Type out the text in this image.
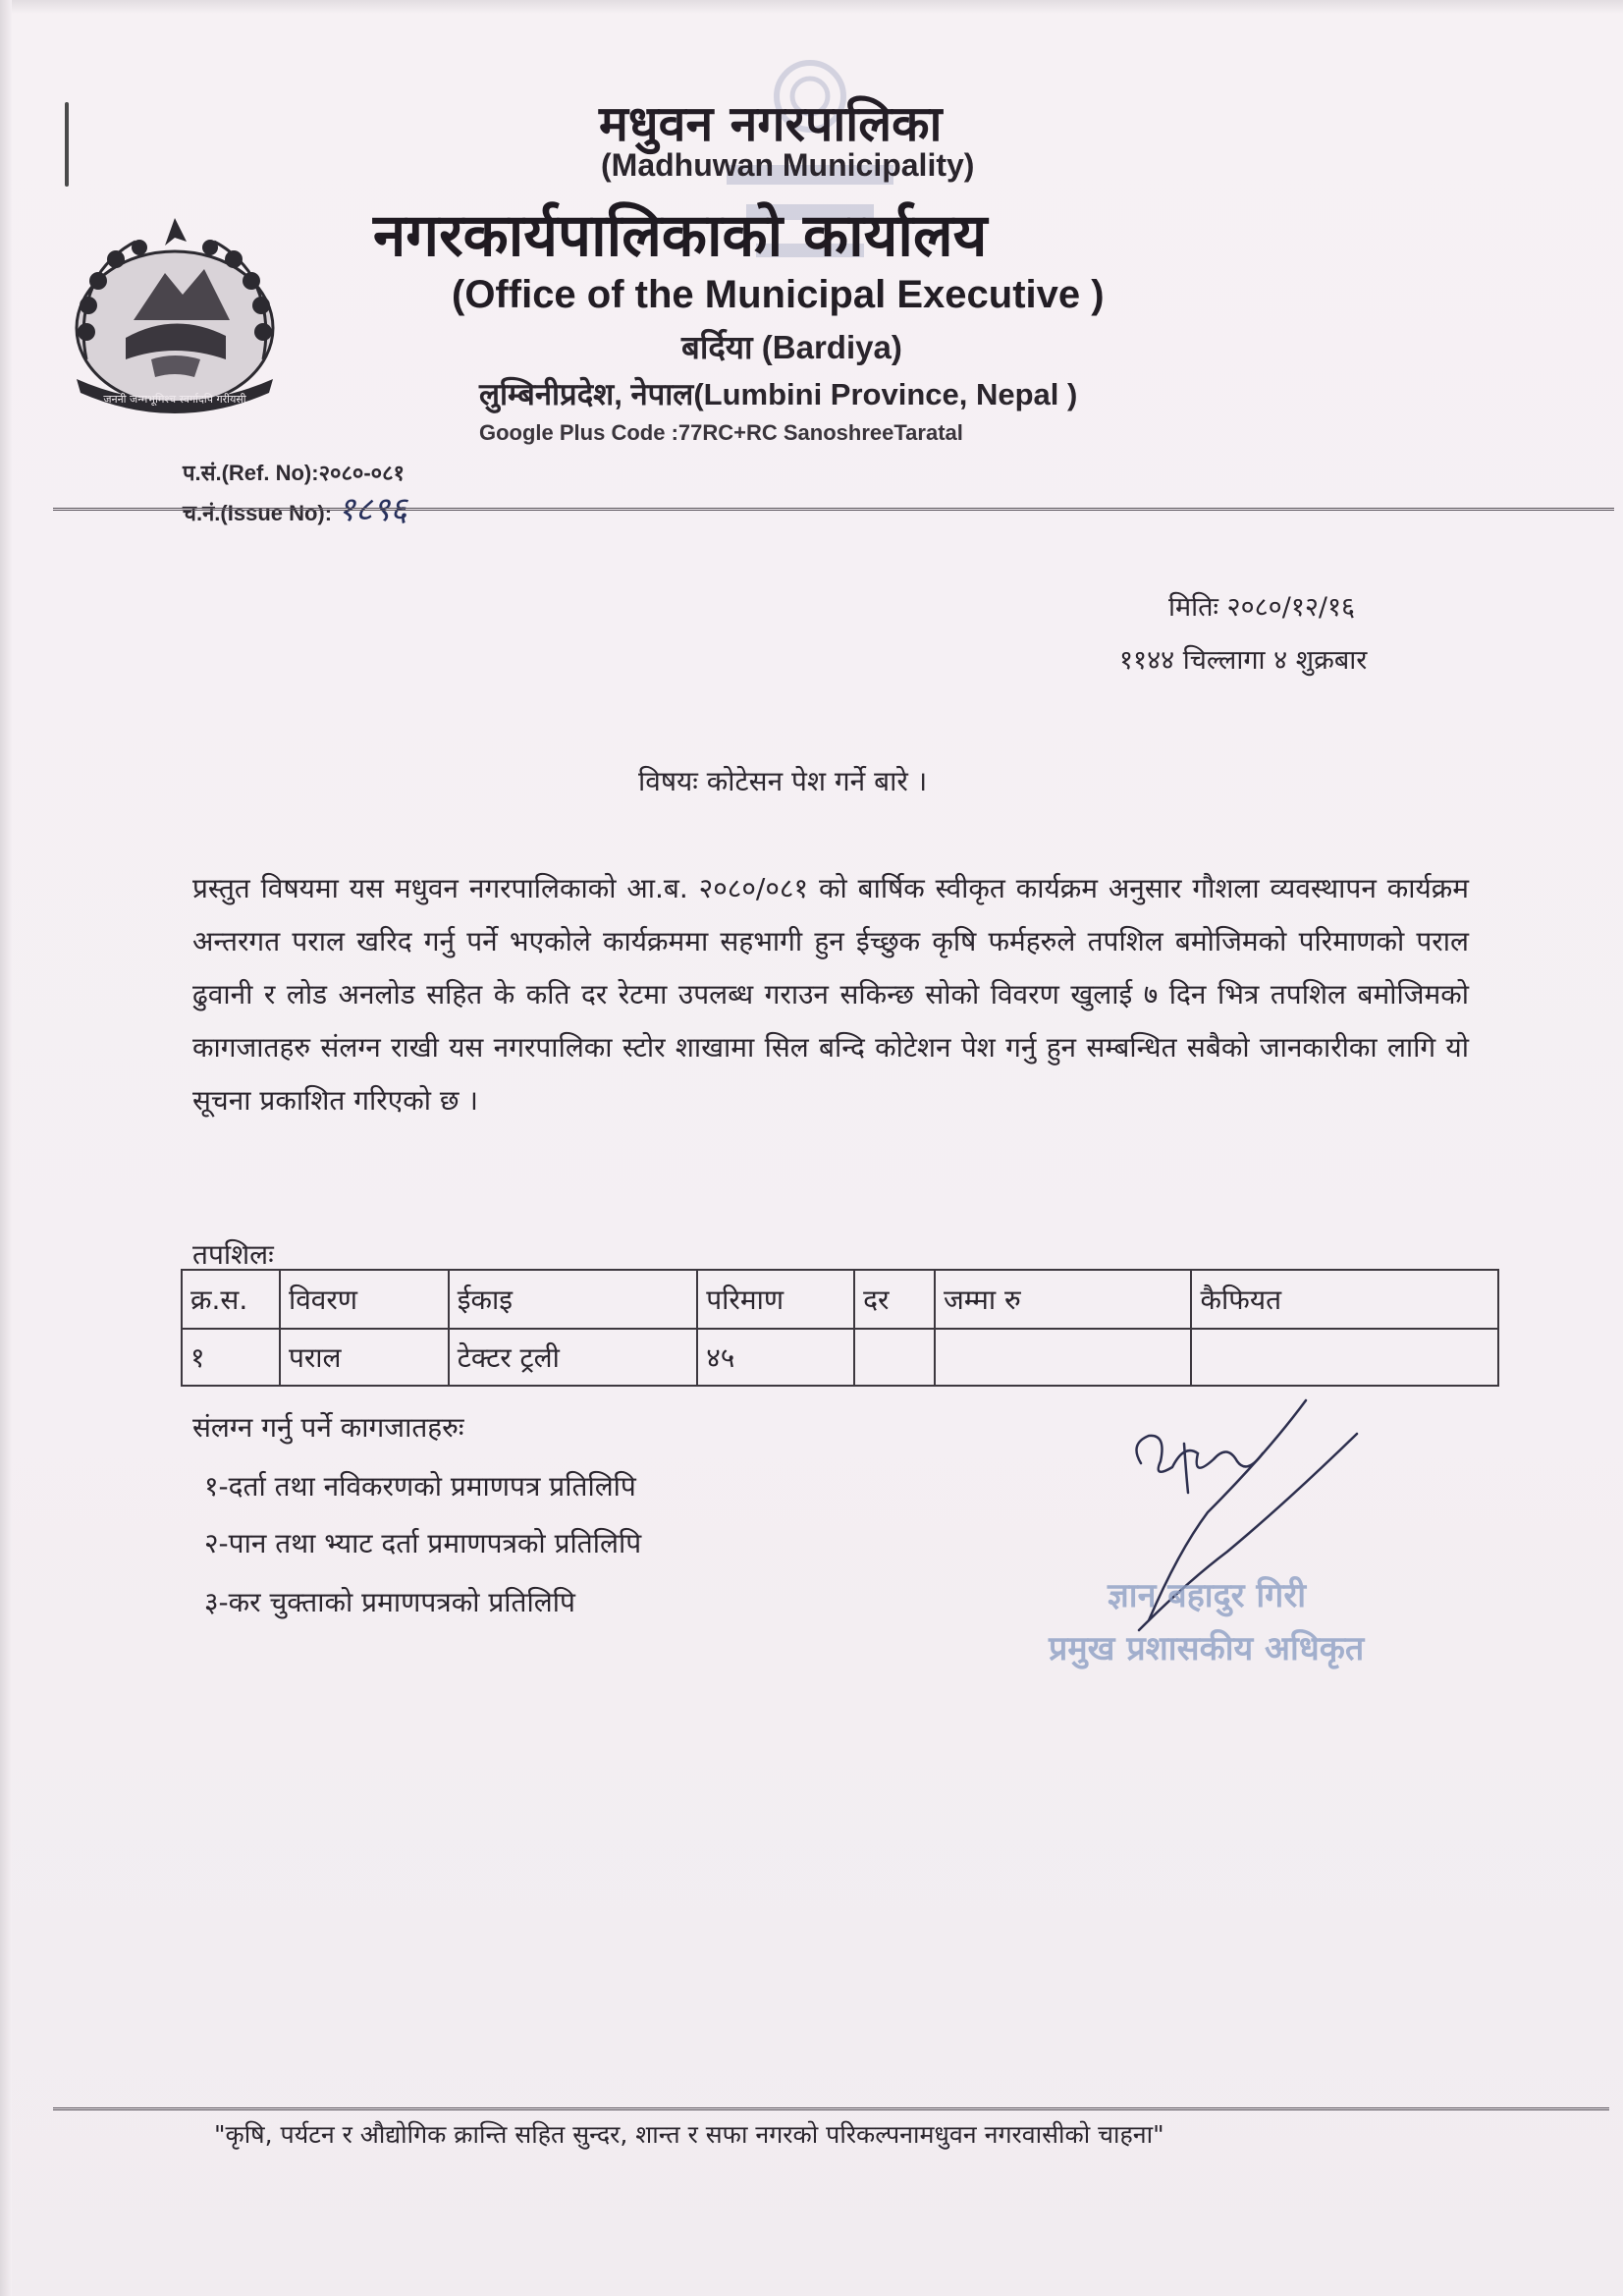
जननी जन्मभूमिश्च स्वर्गादपि गरीयसी
मधुवन नगरपालिका
(Madhuwan Municipality)
नगरकार्यपालिकाको कार्यालय
(Office of the Municipal Executive )
बर्दिया (Bardiya)
लुम्बिनीप्रदेश, नेपाल(Lumbini Province, Nepal )
Google Plus Code :77RC+RC SanoshreeTaratal
प.सं.(Ref. No):२०८०-०८१
च.नं.(Issue No): १८९६
मितिः २०८०/१२/१६
११४४ चिल्लागा ४ शुक्रबार
विषयः कोटेसन पेश गर्ने बारे ।
प्रस्तुत विषयमा यस मधुवन नगरपालिकाको आ.ब. २०८०/०८१ को बार्षिक स्वीकृत कार्यक्रम अनुसार गौशला व्यवस्थापन कार्यक्रम अन्तरगत पराल खरिद गर्नु पर्ने भएकोले कार्यक्रममा सहभागी हुन ईच्छुक कृषि फर्महरुले तपशिल बमोजिमको परिमाणको पराल ढुवानी र लोड अनलोड सहित के कति दर रेटमा उपलब्ध गराउन सकिन्छ सोको विवरण खुलाई ७ दिन भित्र तपशिल बमोजिमको कागजातहरु संलग्न राखी यस नगरपालिका स्टोर शाखामा सिल बन्दि कोटेशन पेश गर्नु हुन सम्बन्धित सबैको जानकारीका लागि यो सूचना प्रकाशित गरिएको छ ।
तपशिलः
क्र.स.	विवरण	ईकाइ	परिमाण	दर	जम्मा रु	कैफियत
१	पराल	टेक्टर ट्रली	४५			
संलग्न गर्नु पर्ने कागजातहरुः
१-दर्ता तथा नविकरणको प्रमाणपत्र प्रतिलिपि
२-पान तथा भ्याट दर्ता प्रमाणपत्रको प्रतिलिपि
३-कर चुक्ताको प्रमाणपत्रको प्रतिलिपि	ज्ञान बहादुर गिरी
प्रमुख प्रशासकीय अधिकृत
"कृषि, पर्यटन र औद्योगिक क्रान्ति सहित सुन्दर, शान्त र सफा नगरको परिकल्पनामधुवन नगरवासीको चाहना"
